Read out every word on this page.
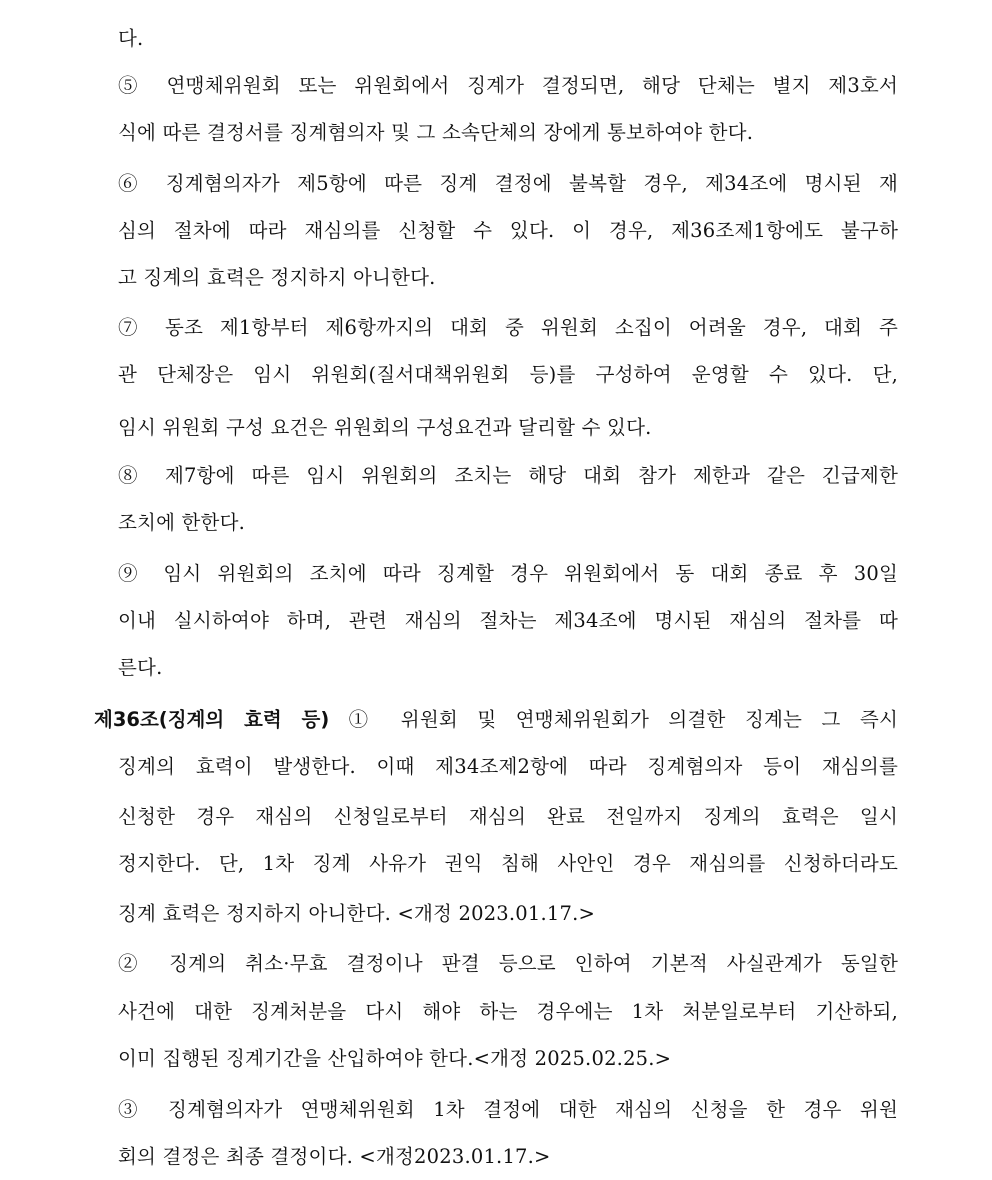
다.
⑤ 연맹체위원회 또는 위원회에서 징계가 결정되면, 해당 단체는 별지 제3호서
식에 따른 결정서를 징계혐의자 및 그 소속단체의 장에게 통보하여야 한다.
⑥ 징계혐의자가 제5항에 따른 징계 결정에 불복할 경우, 제34조에 명시된 재
심의 절차에 따라 재심의를 신청할 수 있다. 이 경우, 제36조제1항에도 불구하
고 징계의 효력은 정지하지 아니한다.
⑦ 동조 제1항부터 제6항까지의 대회 중 위원회 소집이 어려울 경우, 대회 주
관 단체장은 임시 위원회(질서대책위원회 등)를 구성하여 운영할 수 있다. 단,
임시 위원회 구성 요건은 위원회의 구성요건과 달리할 수 있다.
⑧ 제7항에 따른 임시 위원회의 조치는 해당 대회 참가 제한과 같은 긴급제한
조치에 한한다.
⑨ 임시 위원회의 조치에 따라 징계할 경우 위원회에서 동 대회 종료 후 30일
이내 실시하여야 하며, 관련 재심의 절차는 제34조에 명시된 재심의 절차를 따
른다.
제36조(징계의 효력 등) ① 위원회 및 연맹체위원회가 의결한 징계는 그 즉시
징계의 효력이 발생한다. 이때 제34조제2항에 따라 징계혐의자 등이 재심의를
신청한 경우 재심의 신청일로부터 재심의 완료 전일까지 징계의 효력은 일시
정지한다. 단, 1차 징계 사유가 권익 침해 사안인 경우 재심의를 신청하더라도
징계 효력은 정지하지 아니한다. <개정 2023.01.17.>
② 징계의 취소·무효 결정이나 판결 등으로 인하여 기본적 사실관계가 동일한
사건에 대한 징계처분을 다시 해야 하는 경우에는 1차 처분일로부터 기산하되,
이미 집행된 징계기간을 산입하여야 한다.<개정 2025.02.25.>
③ 징계혐의자가 연맹체위원회 1차 결정에 대한 재심의 신청을 한 경우 위원
회의 결정은 최종 결정이다. <개정2023.01.17.>
